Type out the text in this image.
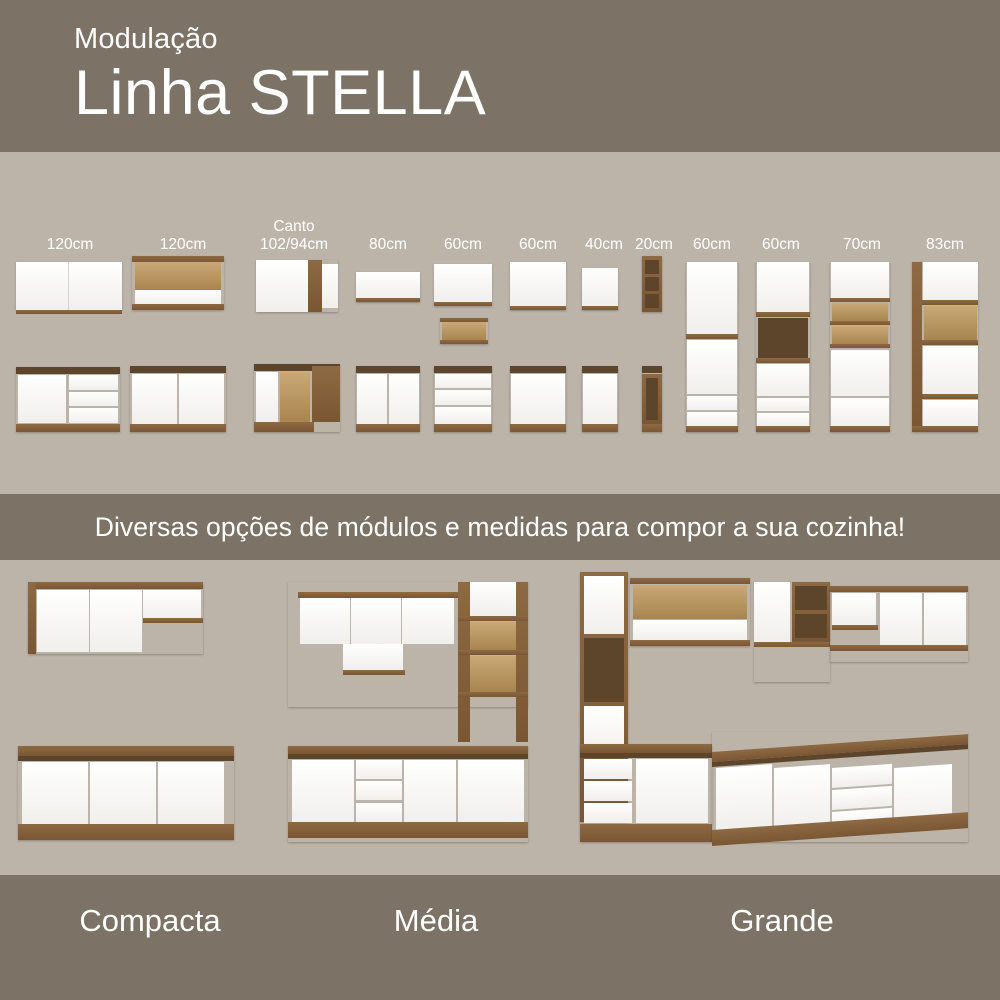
Modulação
Linha STELLA
120cm	120cm
Canto
102/94cm	80cm	60cm	60cm	40cm 20cm	60cm	60cm	70cm	83cm
Diversas opções de módulos e medidas para compor a sua cozinha!
Compacta	Média	Grande
